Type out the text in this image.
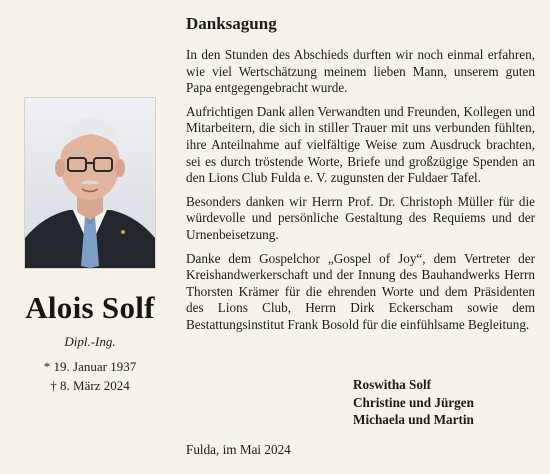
Alois Solf
Dipl.-Ing.
* 19. Januar 1937
† 8. März 2024
Danksagung

In den Stunden des Abschieds durften wir noch einmal erfahren, wie viel Wertschätzung meinem lieben Mann, unserem guten Papa entgegengebracht wurde.

Aufrichtigen Dank allen Verwandten und Freunden, Kollegen und Mitarbeitern, die sich in stiller Trauer mit uns verbunden fühlten, ihre Anteilnahme auf vielfältige Weise zum Ausdruck brachten, sei es durch tröstende Worte, Briefe und großzügige Spenden an den Lions Club Fulda e. V. zugunsten der Fuldaer Tafel.

Besonders danken wir Herrn Prof. Dr. Christoph Müller für die würdevolle und persönliche Gestaltung des Requiems und der Urnenbeisetzung.

Danke dem Gospelchor „Gospel of Joy“, dem Vertreter der Kreishandwerkerschaft und der Innung des Bauhandwerks Herrn Thorsten Krämer für die ehrenden Worte und dem Präsidenten des Lions Club, Herrn Dirk Eckerscham sowie dem Bestattungsinstitut Frank Bosold für die einfühlsame Begleitung.

Roswitha Solf
Christine und Jürgen
Michaela und Martin
Fulda, im Mai 2024
